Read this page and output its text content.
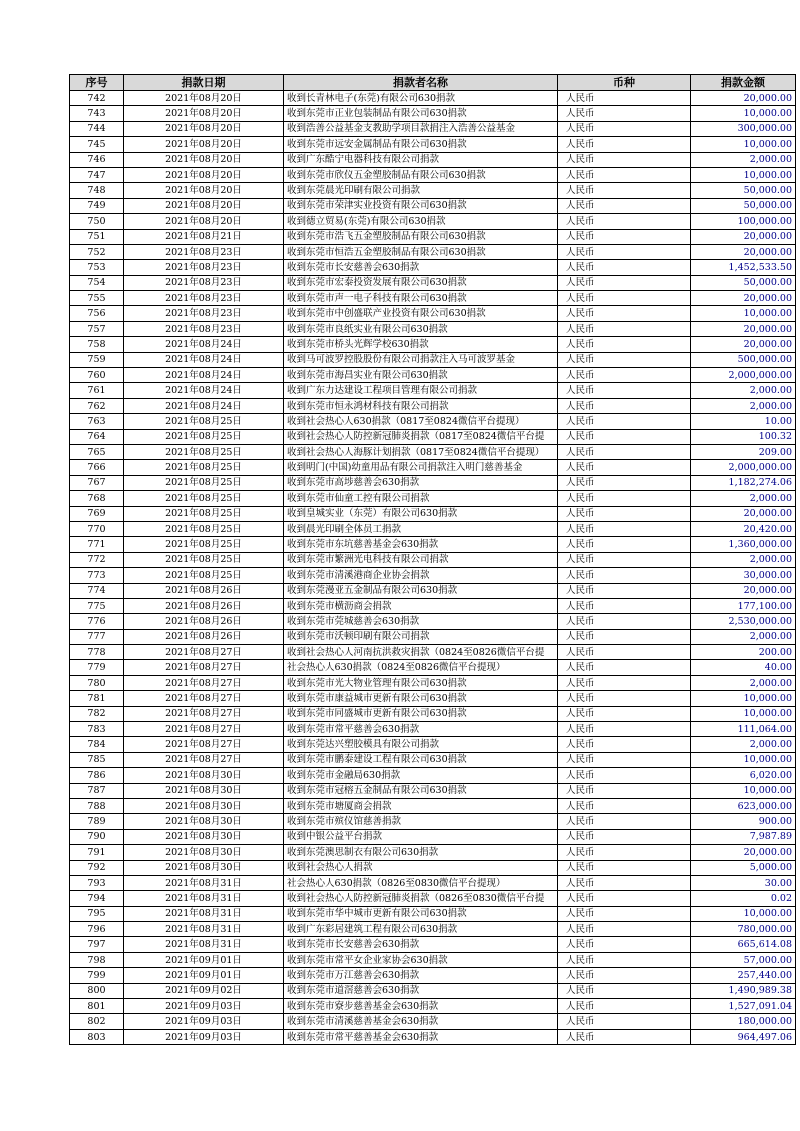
序号	捐款日期	捐款者名称	币种	捐款金额
742	2021年08月20日	收到长青林电子(东莞)有限公司630捐款	人民币	20,000.00
743	2021年08月20日	收到东莞市正业包装制品有限公司630捐款	人民币	10,000.00
744	2021年08月20日	收到浩善公益基金支教助学项目款捐注入浩善公益基金	人民币	300,000.00
745	2021年08月20日	收到东莞市远安金属制品有限公司630捐款	人民币	10,000.00
746	2021年08月20日	收到广东酷宁电器科技有限公司捐款	人民币	2,000.00
747	2021年08月20日	收到东莞市欣仪五金塑胶制品有限公司630捐款	人民币	10,000.00
748	2021年08月20日	收到东莞晨光印刷有限公司捐款	人民币	50,000.00
749	2021年08月20日	收到东莞市荣津实业投资有限公司630捐款	人民币	50,000.00
750	2021年08月20日	收到德立贸易(东莞)有限公司630捐款	人民币	100,000.00
751	2021年08月21日	收到东莞市浩飞五金塑胶制品有限公司630捐款	人民币	20,000.00
752	2021年08月23日	收到东莞市恒浩五金塑胶制品有限公司630捐款	人民币	20,000.00
753	2021年08月23日	收到东莞市长安慈善会630捐款	人民币	1,452,533.50
754	2021年08月23日	收到东莞市宏泰投资发展有限公司630捐款	人民币	50,000.00
755	2021年08月23日	收到东莞市声一电子科技有限公司630捐款	人民币	20,000.00
756	2021年08月23日	收到东莞市中创盛联产业投资有限公司630捐款	人民币	10,000.00
757	2021年08月23日	收到东莞市良纸实业有限公司630捐款	人民币	20,000.00
758	2021年08月24日	收到东莞市桥头光辉学校630捐款	人民币	20,000.00
759	2021年08月24日	收到马可波罗控股股份有限公司捐款注入马可波罗基金	人民币	500,000.00
760	2021年08月24日	收到东莞市海昌实业有限公司630捐款	人民币	2,000,000.00
761	2021年08月24日	收到广东力达建设工程项目管理有限公司捐款	人民币	2,000.00
762	2021年08月24日	收到东莞市恒永鸿材科技有限公司捐款	人民币	2,000.00
763	2021年08月25日	收到社会热心人630捐款（0817至0824微信平台提现）	人民币	10.00
764	2021年08月25日	收到社会热心人防控新冠肺炎捐款（0817至0824微信平台提	人民币	100.32
765	2021年08月25日	收到社会热心人海豚计划捐款（0817至0824微信平台提现）	人民币	209.00
766	2021年08月25日	收到明门(中国)幼童用品有限公司捐款注入明门慈善基金	人民币	2,000,000.00
767	2021年08月25日	收到东莞市高埗慈善会630捐款	人民币	1,182,274.06
768	2021年08月25日	收到东莞市仙童工控有限公司捐款	人民币	2,000.00
769	2021年08月25日	收到皇城实业（东莞）有限公司630捐款	人民币	20,000.00
770	2021年08月25日	收到晨光印刷全体员工捐款	人民币	20,420.00
771	2021年08月25日	收到东莞市东坑慈善基金会630捐款	人民币	1,360,000.00
772	2021年08月25日	收到东莞市繁洲光电科技有限公司捐款	人民币	2,000.00
773	2021年08月25日	收到东莞市清溪港商企业协会捐款	人民币	30,000.00
774	2021年08月26日	收到东莞漫亚五金制品有限公司630捐款	人民币	20,000.00
775	2021年08月26日	收到东莞市横沥商会捐款	人民币	177,100.00
776	2021年08月26日	收到东莞市莞城慈善会630捐款	人民币	2,530,000.00
777	2021年08月26日	收到东莞市沃顿印刷有限公司捐款	人民币	2,000.00
778	2021年08月27日	收到社会热心人河南抗洪救灾捐款（0824至0826微信平台提	人民币	200.00
779	2021年08月27日	社会热心人630捐款（0824至0826微信平台提现）	人民币	40.00
780	2021年08月27日	收到东莞市光大物业管理有限公司630捐款	人民币	2,000.00
781	2021年08月27日	收到东莞市康益城市更新有限公司630捐款	人民币	10,000.00
782	2021年08月27日	收到东莞市同盛城市更新有限公司630捐款	人民币	10,000.00
783	2021年08月27日	收到东莞市常平慈善会630捐款	人民币	111,064.00
784	2021年08月27日	收到东莞达兴塑胶模具有限公司捐款	人民币	2,000.00
785	2021年08月27日	收到东莞市鹏泰建设工程有限公司630捐款	人民币	10,000.00
786	2021年08月30日	收到东莞市金融局630捐款	人民币	6,020.00
787	2021年08月30日	收到东莞市冠榕五金制品有限公司630捐款	人民币	10,000.00
788	2021年08月30日	收到东莞市塘厦商会捐款	人民币	623,000.00
789	2021年08月30日	收到东莞市殡仪馆慈善捐款	人民币	900.00
790	2021年08月30日	收到中银公益平台捐款	人民币	7,987.89
791	2021年08月30日	收到东莞澳思制衣有限公司630捐款	人民币	20,000.00
792	2021年08月30日	收到社会热心人捐款	人民币	5,000.00
793	2021年08月31日	社会热心人630捐款（0826至0830微信平台提现）	人民币	30.00
794	2021年08月31日	收到社会热心人防控新冠肺炎捐款（0826至0830微信平台提	人民币	0.02
795	2021年08月31日	收到东莞市华中城市更新有限公司630捐款	人民币	10,000.00
796	2021年08月31日	收到广东彩居建筑工程有限公司630捐款	人民币	780,000.00
797	2021年08月31日	收到东莞市长安慈善会630捐款	人民币	665,614.08
798	2021年09月01日	收到东莞市常平女企业家协会630捐款	人民币	57,000.00
799	2021年09月01日	收到东莞市万江慈善会630捐款	人民币	257,440.00
800	2021年09月02日	收到东莞市道滘慈善会630捐款	人民币	1,490,989.38
801	2021年09月03日	收到东莞市寮步慈善基金会630捐款	人民币	1,527,091.04
802	2021年09月03日	收到东莞市清溪慈善基金会630捐款	人民币	180,000.00
803	2021年09月03日	收到东莞市常平慈善基金会630捐款	人民币	964,497.06
